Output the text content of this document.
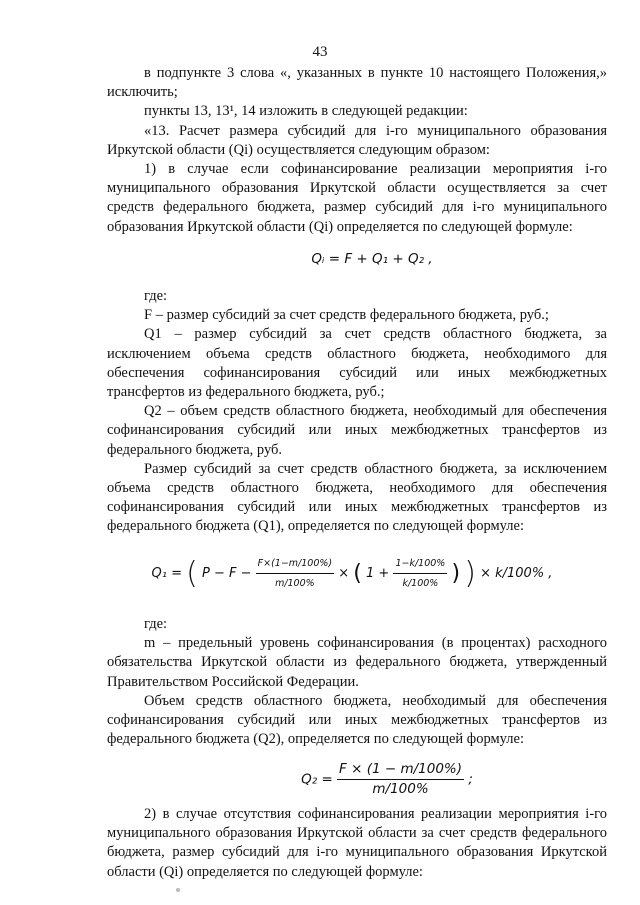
43

в подпункте 3 слова «, указанных в пункте 10 настоящего Положения,» исключить;

пункты 13, 13¹, 14 изложить в следующей редакции:

«13. Расчет размера субсидий для i-го муниципального образования Иркутской области (Qi) осуществляется следующим образом:

1) в случае если софинансирование реализации мероприятия i-го муниципального образования Иркутской области осуществляется за счет средств федерального бюджета, размер субсидий для i-го муниципального образования Иркутской области (Qi) определяется по следующей формуле:

Qᵢ = F + Q₁ + Q₂ ,

где:

F – размер субсидий за счет средств федерального бюджета, руб.;

Q1 – размер субсидий за счет средств областного бюджета, за исключением объема средств областного бюджета, необходимого для обеспечения софинансирования субсидий или иных межбюджетных трансфертов из федерального бюджета, руб.;

Q2 – объем средств областного бюджета, необходимый для обеспечения софинансирования субсидий или иных межбюджетных трансфертов из федерального бюджета, руб.

Размер субсидий за счет средств областного бюджета, за исключением объема средств областного бюджета, необходимого для обеспечения софинансирования субсидий или иных межбюджетных трансфертов из федерального бюджета (Q1), определяется по следующей формуле:

Q₁ = ( $P - F - \frac{F\times(1-m/100\%)}{m/100\%}$ × ( $1 + \frac{1-k/100\%}{k/100\%}$ ) ) × k/100% ,

где:

m – предельный уровень софинансирования (в процентах) расходного обязательства Иркутской области из федерального бюджета, утвержденный Правительством Российской Федерации.

Объем средств областного бюджета, необходимый для обеспечения софинансирования субсидий или иных межбюджетных трансфертов из федерального бюджета (Q2), определяется по следующей формуле:

$Q_2 = \frac{F \times (1 - m/100\%)}{m/100\%}$ ;

2) в случае отсутствия софинансирования реализации мероприятия i-го муниципального образования Иркутской области за счет средств федерального бюджета, размер субсидий для i-го муниципального образования Иркутской области (Qi) определяется по следующей формуле:
